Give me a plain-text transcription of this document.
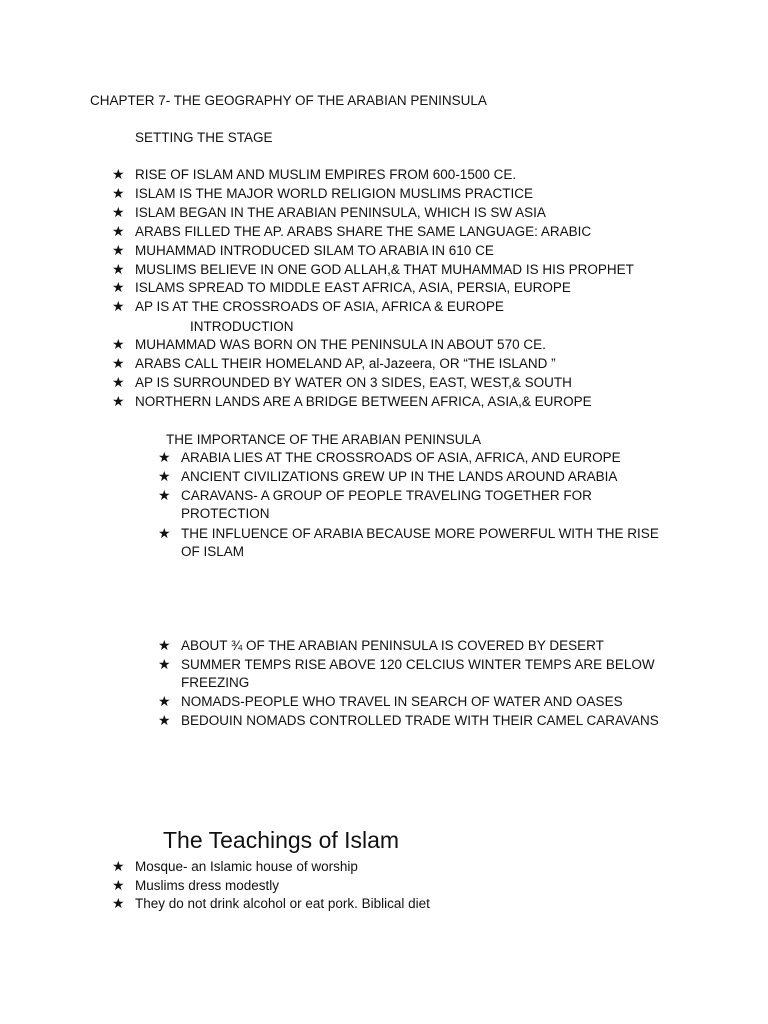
CHAPTER 7- THE GEOGRAPHY OF THE ARABIAN PENINSULA
SETTING THE STAGE
★ RISE OF ISLAM AND MUSLIM EMPIRES FROM 600-1500 CE.
★ ISLAM IS THE MAJOR WORLD RELIGION MUSLIMS PRACTICE
★ ISLAM BEGAN IN THE ARABIAN PENINSULA, WHICH IS SW ASIA
★ ARABS FILLED THE AP. ARABS SHARE THE SAME LANGUAGE: ARABIC
★ MUHAMMAD INTRODUCED SILAM TO ARABIA IN 610 CE
★ MUSLIMS BELIEVE IN ONE GOD ALLAH,& THAT MUHAMMAD IS HIS PROPHET
★ ISLAMS SPREAD TO MIDDLE EAST AFRICA, ASIA, PERSIA, EUROPE
★ AP IS AT THE CROSSROADS OF ASIA, AFRICA & EUROPE
INTRODUCTION
★ MUHAMMAD WAS BORN ON THE PENINSULA IN ABOUT 570 CE.
★ ARABS CALL THEIR HOMELAND AP, al-Jazeera, OR “THE ISLAND ”
★ AP IS SURROUNDED BY WATER ON 3 SIDES, EAST, WEST,& SOUTH
★ NORTHERN LANDS ARE A BRIDGE BETWEEN AFRICA, ASIA,& EUROPE
THE IMPORTANCE OF THE ARABIAN PENINSULA
★ ARABIA LIES AT THE CROSSROADS OF ASIA, AFRICA, AND EUROPE
★ ANCIENT CIVILIZATIONS GREW UP IN THE LANDS AROUND ARABIA
★ CARAVANS- A GROUP OF PEOPLE TRAVELING TOGETHER FOR PROTECTION
★ THE INFLUENCE OF ARABIA BECAUSE MORE POWERFUL WITH THE RISE OF ISLAM
★ ABOUT ¾ OF THE ARABIAN PENINSULA IS COVERED BY DESERT
★ SUMMER TEMPS RISE ABOVE 120 CELCIUS WINTER TEMPS ARE BELOW FREEZING
★ NOMADS-PEOPLE WHO TRAVEL IN SEARCH OF WATER AND OASES
★ BEDOUIN NOMADS CONTROLLED TRADE WITH THEIR CAMEL CARAVANS
The Teachings of Islam
★ Mosque- an Islamic house of worship
★ Muslims dress modestly
★ They do not drink alcohol or eat pork. Biblical diet
